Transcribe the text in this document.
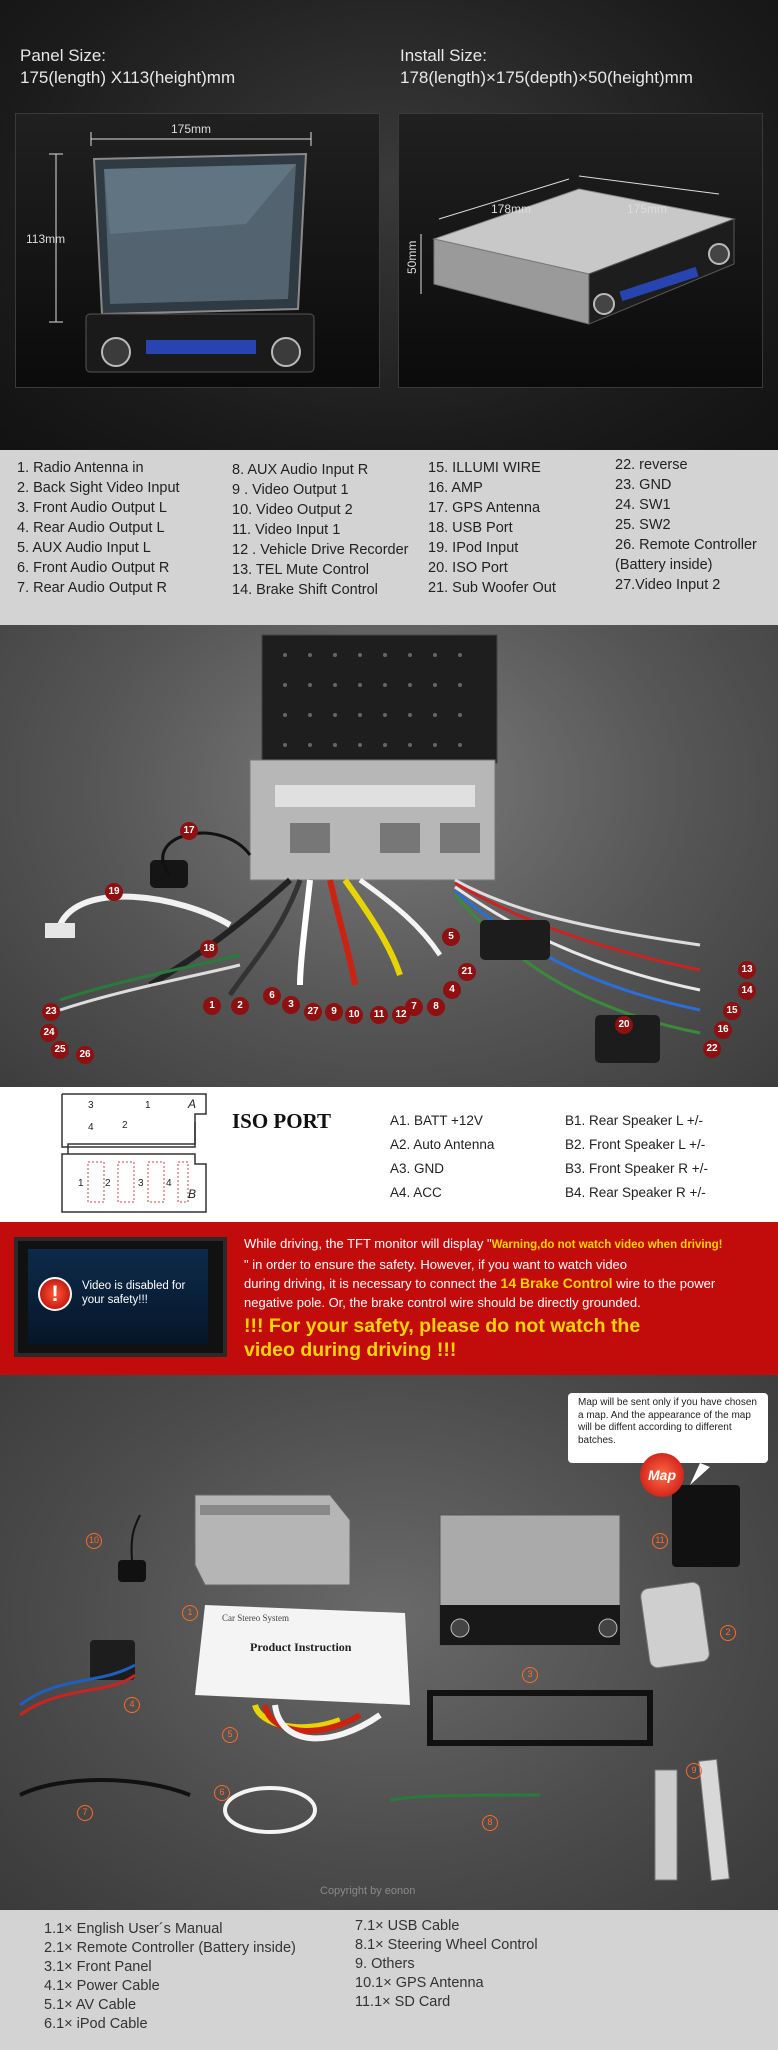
Panel Size:
175(length) X113(height)mm
Install Size:
178(length)×175(depth)×50(height)mm
175mm
113mm
178mm	175mm
50mm
1. Radio Antenna in
2. Back Sight Video Input
3. Front Audio Output L
4. Rear Audio Output L
5. AUX Audio Input L
6. Front Audio Output R
7. Rear Audio Output R
8. AUX Audio Input R
9 . Video Output 1
10. Video Output 2
11. Video Input 1
12 . Vehicle Drive Recorder
13. TEL Mute Control
14. Brake Shift Control
15. ILLUMI WIRE
16. AMP
17. GPS Antenna
18. USB Port
19. IPod Input
20. ISO Port
21. Sub Woofer Out
22. reverse
23. GND
24. SW1
25. SW2
26. Remote Controller
(Battery inside)
27.Video Input 2
17
19
18
5
13
14
15
16
22
20
21
4
8
7
12
11
10
9
27
3
6
2
1
23
24
25	26
A
B
3	1
4	2
1 2	3 4
ISO PORT	A1. BATT +12V
A2. Auto Antenna
A3. GND
A4. ACC
B1. Rear Speaker L +/-
B2. Front Speaker L +/-
B3. Front Speaker R +/-
B4. Rear Speaker R +/-
!	Video is disabled for your safety!!!
While driving, the TFT monitor will display "Warning,do not watch video when driving!
" in order to ensure the safety. However, if you want to watch video
during driving, it is necessary to connect the 14 Brake Control wire to the power
negative pole. Or, the brake control wire should be directly grounded.
!!! For your safety, please do not watch the
video during driving !!!
Map will be sent only if you have chosen a map. And the appearance of the map will be diffent according to different batches.
Map
Product Instruction
Car Stereo System
Copyright by eonon
10
1
11
2
3
4
5
9
6
7
8
1.1× English User´s Manual
2.1× Remote Controller (Battery inside)
3.1× Front Panel
4.1× Power Cable
5.1× AV Cable
6.1× iPod Cable
7.1× USB Cable
8.1× Steering Wheel Control
9. Others
10.1× GPS Antenna
11.1× SD Card
